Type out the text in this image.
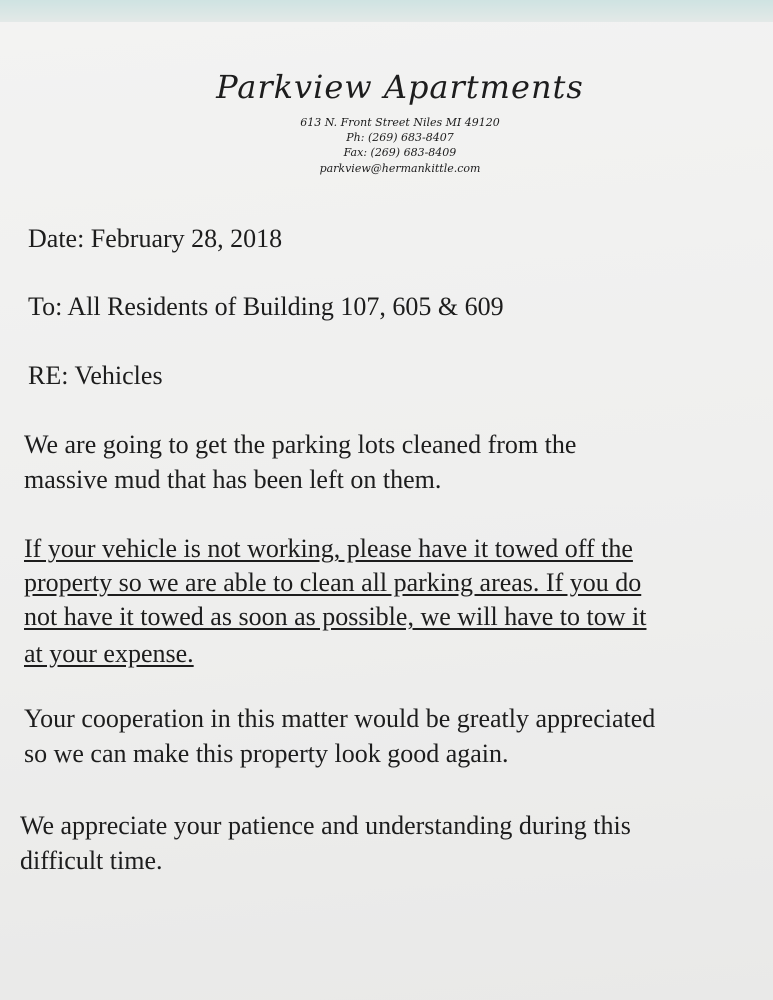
Parkview Apartments
613 N. Front Street Niles MI 49120
Ph: (269) 683-8407
Fax: (269) 683-8409
parkview@hermankittle.com
Date: February 28, 2018
To: All Residents of Building 107, 605 & 609
RE: Vehicles
We are going to get the parking lots cleaned from the
massive mud that has been left on them.
If your vehicle is not working, please have it towed off the
property so we are able to clean all parking areas. If you do
not have it towed as soon as possible, we will have to tow it
at your expense.
Your cooperation in this matter would be greatly appreciated
so we can make this property look good again.
We appreciate your patience and understanding during this
difficult time.
